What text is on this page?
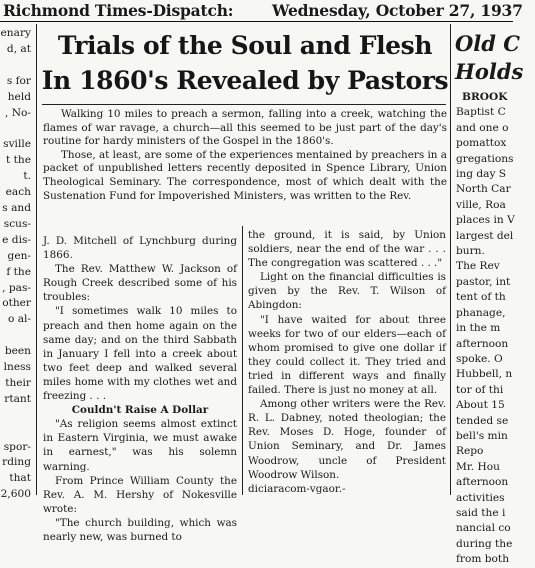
Richmond Times-Dispatch: Wednesday, October 27, 1937
enary
d, at

s for
held
, No-

sville
t the
t.
each
s and
scus-
e dis-
gen-
f the
, pas-
other
o al-

been
lness
their
rtant

spor-
rding
that
2,600
Trials of the Soul and Flesh
In 1860's Revealed by Pastors

Walking 10 miles to preach a sermon, falling into a creek, watching the flames of war ravage, a church—all this seemed to be just part of the day's routine for hardy ministers of the Gospel in the 1860's.

Those, at least, are some of the experiences mentained by preachers in a packet of unpublished letters recently deposited in Spence Library, Union Theological Seminary. The correspondence, most of which dealt with the Sustenation Fund for Impoverished Ministers, was written to the Rev.

J. D. Mitchell of Lynchburg during 1866.

The Rev. Matthew W. Jackson of Rough Creek described some of his troubles:

"I sometimes walk 10 miles to preach and then home again on the same day; and on the third Sabbath in January I fell into a creek about two feet deep and walked several miles home with my clothes wet and freezing . . .

Couldn't Raise A Dollar

"As religion seems almost extinct in Eastern Virginia, we must awake in earnest," was his solemn warning.

From Prince William County the Rev. A. M. Hershy of Nokesville wrote:

"The church building, which was nearly new, was burned to

the ground, it is said, by Union soldiers, near the end of the war . . . The congregation was scattered . . ."

Light on the financial difficulties is given by the Rev. T. Wilson of Abingdon:

"I have waited for about three weeks for two of our elders—each of whom promised to give one dollar if they could collect it. They tried and tried in different ways and finally failed. There is just no money at all.

Among other writers were the Rev. R. L. Dabney, noted theologian; the Rev. Moses D. Hoge, founder of Union Seminary, and Dr. James Woodrow, uncle of President Woodrow Wilson.

diciaracom-vgaor.-

Old C
Holds
BROOK
Baptist C
and one o
pomattox
gregations
ing day S
North Car
ville, Roa
places in V
largest del
burn.
The Rev
pastor, int
tent of th
phanage,
in the m
afternoon
spoke. O
Hubbell, n
tor of thi
About 15
tended se
bell's min
Repo
Mr. Hou
afternoon
activities
said the i
nancial co
during the
from both
